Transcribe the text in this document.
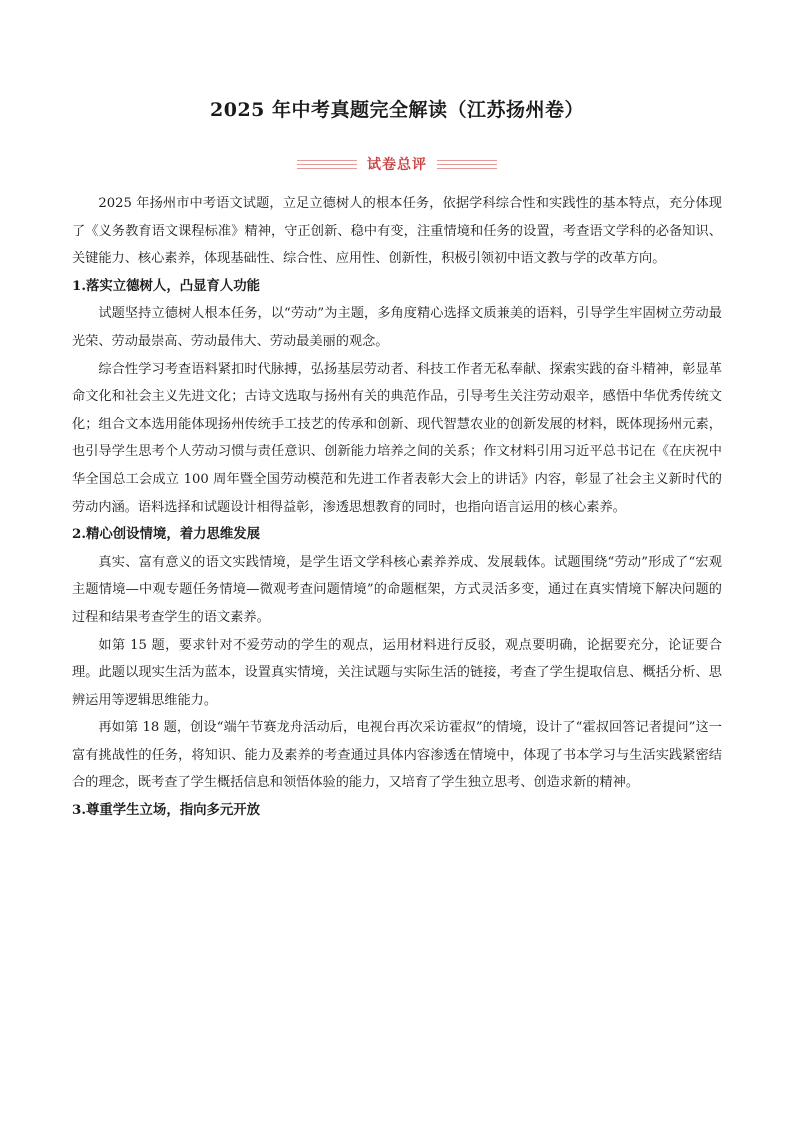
2025 年中考真题完全解读（江苏扬州卷）
试卷总评

2025 年扬州市中考语文试题，立足立德树人的根本任务，依据学科综合性和实践性的基本特点，充分体现了《义务教育语文课程标准》精神，守正创新、稳中有变，注重情境和任务的设置，考查语文学科的必备知识、关键能力、核心素养，体现基础性、综合性、应用性、创新性，积极引领初中语文教与学的改革方向。

1.落实立德树人，凸显育人功能

试题坚持立德树人根本任务，以“劳动”为主题，多角度精心选择文质兼美的语料，引导学生牢固树立劳动最光荣、劳动最崇高、劳动最伟大、劳动最美丽的观念。

综合性学习考查语料紧扣时代脉搏，弘扬基层劳动者、科技工作者无私奉献、探索实践的奋斗精神，彰显革命文化和社会主义先进文化；古诗文选取与扬州有关的典范作品，引导考生关注劳动艰辛，感悟中华优秀传统文化；组合文本选用能体现扬州传统手工技艺的传承和创新、现代智慧农业的创新发展的材料，既体现扬州元素，也引导学生思考个人劳动习惯与责任意识、创新能力培养之间的关系；作文材料引用习近平总书记在《在庆祝中华全国总工会成立 100 周年暨全国劳动模范和先进工作者表彰大会上的讲话》内容，彰显了社会主义新时代的劳动内涵。语料选择和试题设计相得益彰，渗透思想教育的同时，也指向语言运用的核心素养。

2.精心创设情境，着力思维发展

真实、富有意义的语文实践情境，是学生语文学科核心素养养成、发展载体。试题围绕“劳动”形成了“宏观主题情境—中观专题任务情境—微观考查问题情境”的命题框架，方式灵活多变，通过在真实情境下解决问题的过程和结果考查学生的语文素养。

如第 15 题，要求针对不爱劳动的学生的观点，运用材料进行反驳，观点要明确，论据要充分，论证要合理。此题以现实生活为蓝本，设置真实情境，关注试题与实际生活的链接，考查了学生提取信息、概括分析、思辨运用等逻辑思维能力。

再如第 18 题，创设“端午节赛龙舟活动后，电视台再次采访霍叔”的情境，设计了“霍叔回答记者提问”这一富有挑战性的任务，将知识、能力及素养的考查通过具体内容渗透在情境中，体现了书本学习与生活实践紧密结合的理念，既考查了学生概括信息和领悟体验的能力，又培育了学生独立思考、创造求新的精神。

3.尊重学生立场，指向多元开放
